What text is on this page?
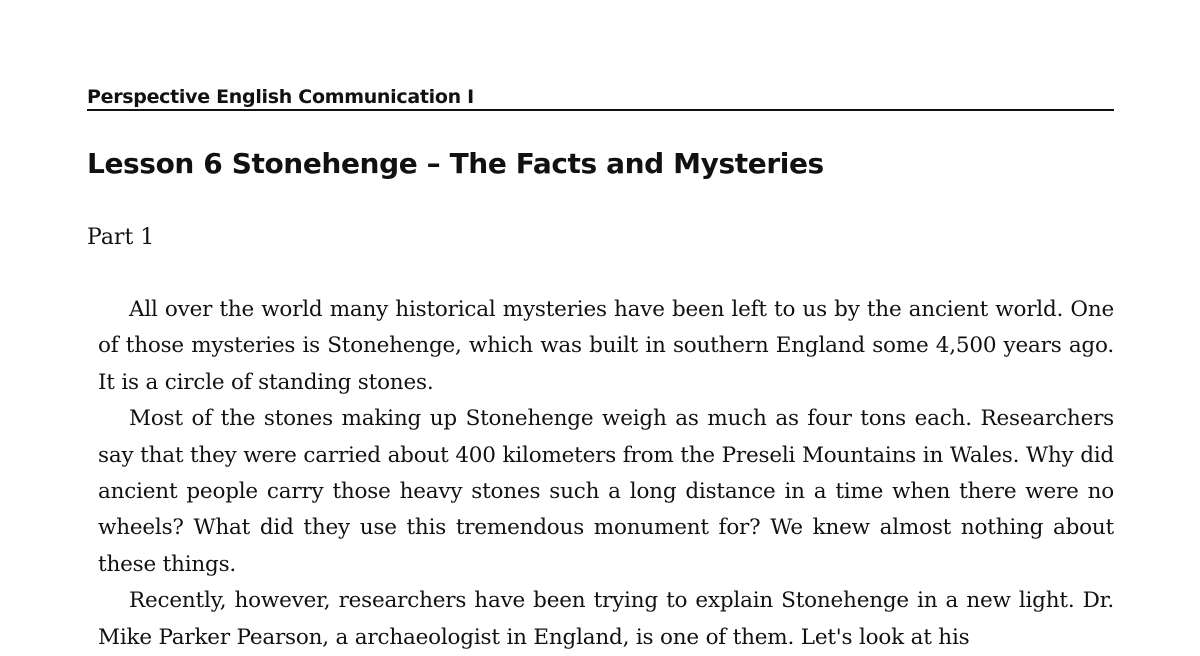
Perspective English Communication I
Lesson 6 Stonehenge – The Facts and Mysteries
Part 1

All over the world many historical mysteries have been left to us by the ancient world. One of those mysteries is Stonehenge, which was built in southern England some 4,500 years ago. It is a circle of standing stones.

Most of the stones making up Stonehenge weigh as much as four tons each. Researchers say that they were carried about 400 kilometers from the Preseli Mountains in Wales. Why did ancient people carry those heavy stones such a long distance in a time when there were no wheels? What did they use this tremendous monument for? We knew almost nothing about these things.

Recently, however, researchers have been trying to explain Stonehenge in a new light. Dr. Mike Parker Pearson, a archaeologist in England, is one of them. Let's look at his
